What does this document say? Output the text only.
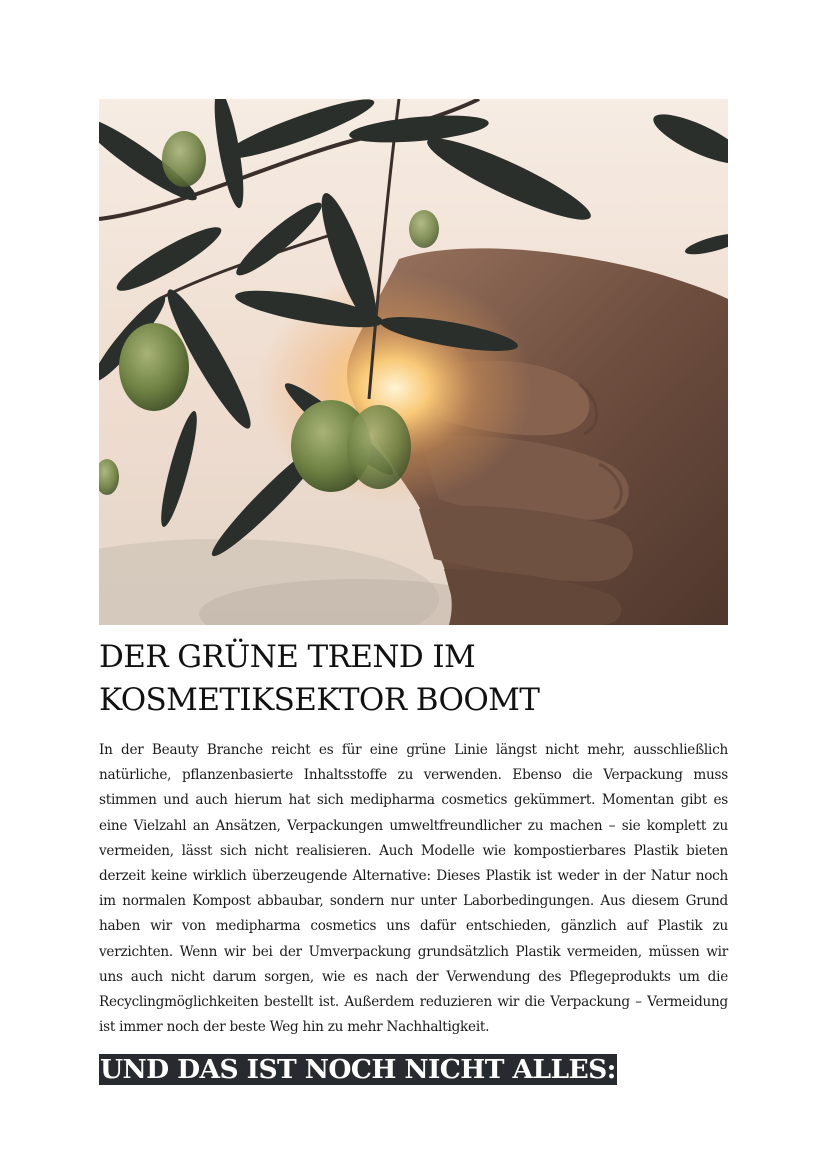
DER GRÜNE TREND IM KOSMETIKSEKTOR BOOMT

In der Beauty Branche reicht es für eine grüne Linie längst nicht mehr, ausschließlich natürliche, pflanzenbasierte Inhaltsstoffe zu verwenden. Ebenso die Verpackung muss stimmen und auch hierum hat sich medipharma cosmetics gekümmert. Momentan gibt es eine Vielzahl an Ansätzen, Verpackungen umweltfreundlicher zu machen – sie komplett zu vermeiden, lässt sich nicht realisieren. Auch Modelle wie kompostierbares Plastik bieten derzeit keine wirklich überzeugende Alternative: Dieses Plastik ist weder in der Natur noch im normalen Kompost abbaubar, sondern nur unter Laborbedingungen. Aus diesem Grund haben wir von medipharma cosmetics uns dafür entschieden, gänzlich auf Plastik zu verzichten. Wenn wir bei der Umverpackung grundsätzlich Plastik vermeiden, müssen wir uns auch nicht darum sorgen, wie es nach der Verwendung des Pflegeprodukts um die Recyclingmöglichkeiten bestellt ist. Außerdem reduzieren wir die Verpackung – Vermeidung ist immer noch der beste Weg hin zu mehr Nachhaltigkeit.

UND DAS IST NOCH NICHT ALLES:
